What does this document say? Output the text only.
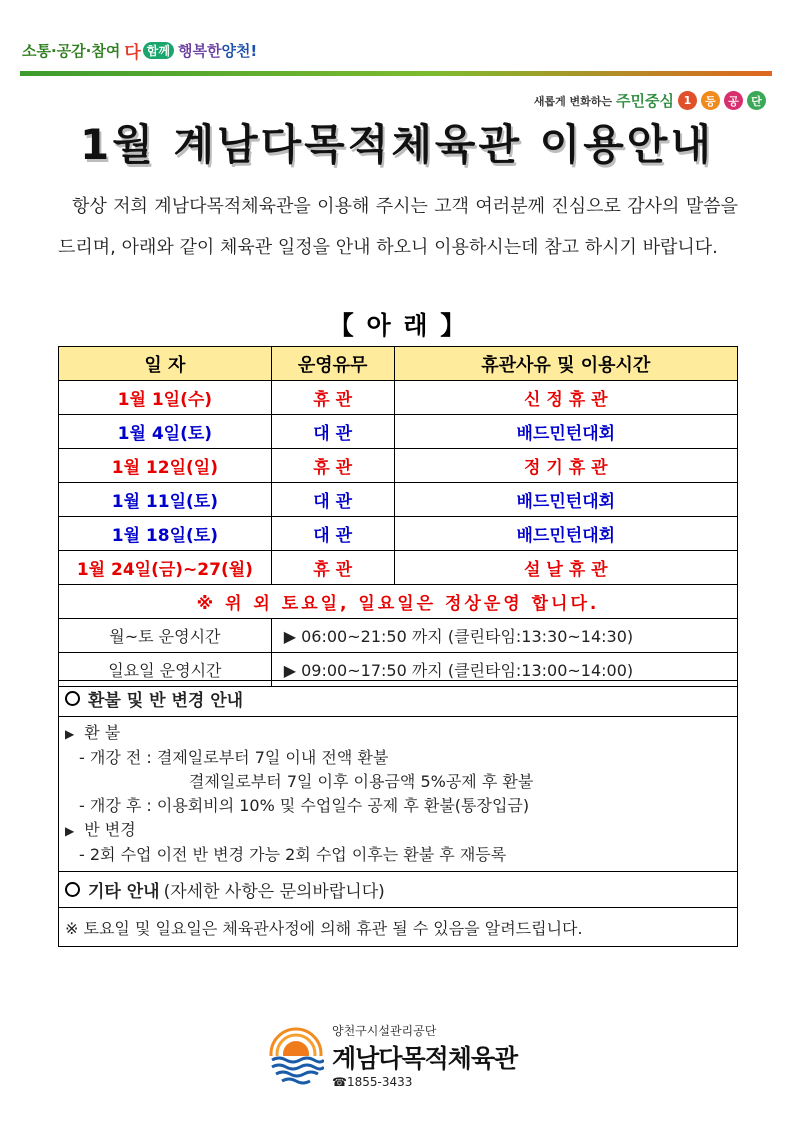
소통·공감·참여 다 함께 행복한 양천!
새롭게 변화하는 주민중심 1	등	공	단
1월 계남다목적체육관 이용안내

항상 저희 계남다목적체육관을 이용해 주시는 고객 여러분께 진심으로 감사의 말씀을 드리며, 아래와 같이 체육관 일정을 안내 하오니 이용하시는데 참고 하시기 바랍니다.

【 아 래 】
일 자	운영유무	휴관사유 및 이용시간
1월 1일(수)	휴 관	신 정 휴 관
1월 4일(토)	대 관	배드민턴대회
1월 12일(일)	휴 관	정 기 휴 관
1월 11일(토)	대 관	배드민턴대회
1월 18일(토)	대 관	배드민턴대회
1월 24일(금)~27(월)	휴 관	설 날 휴 관
※ 위 외 토요일, 일요일은 정상운영 합니다.		
월~토 운영시간	▶ 06:00~21:50 까지 (클린타임:13:30~14:30)	
일요일 운영시간	▶ 09:00~17:50 까지 (클린타임:13:00~14:00)	
환불 및 반 변경 안내
▶ 환 불
- 개강 전 : 결제일로부터 7일 이내 전액 환불
결제일로부터 7일 이후 이용금액 5%공제 후 환불
- 개강 후 : 이용회비의 10% 및 수업일수 공제 후 환불(통장입금)
▶ 반 변경
- 2회 수업 이전 반 변경 가능 2회 수업 이후는 환불 후 재등록
기타 안내 (자세한 사항은 문의바랍니다)
※ 토요일 및 일요일은 체육관사정에 의해 휴관 될 수 있음을 알려드립니다.
양천구시설관리공단
계남다목적체육관
☎1855-3433
